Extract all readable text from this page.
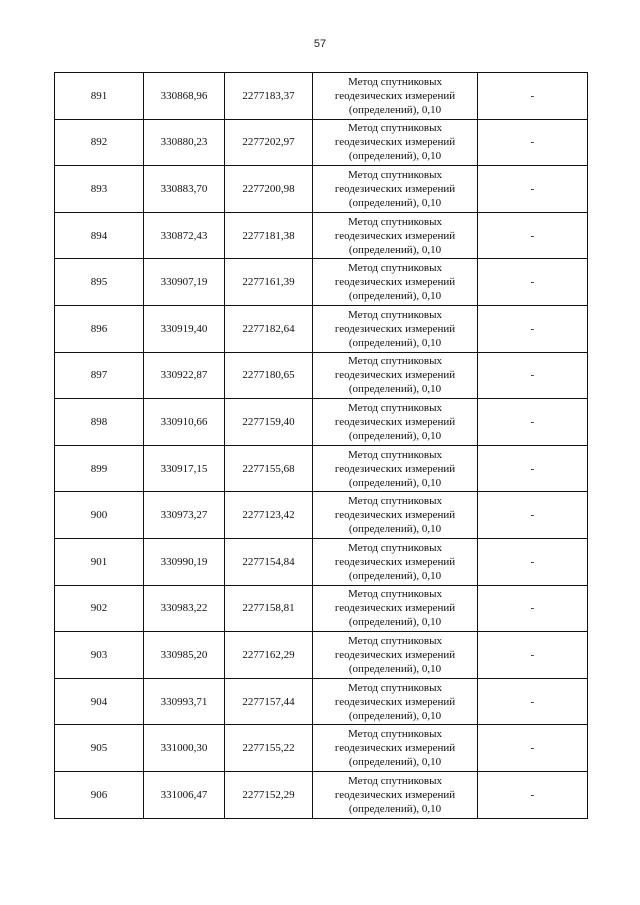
57
891	330868,96	2277183,37	Метод спутниковых
геодезических измерений
(определений), 0,10	-
892	330880,23	2277202,97	Метод спутниковых
геодезических измерений
(определений), 0,10	-
893	330883,70	2277200,98	Метод спутниковых
геодезических измерений
(определений), 0,10	-
894	330872,43	2277181,38	Метод спутниковых
геодезических измерений
(определений), 0,10	-
895	330907,19	2277161,39	Метод спутниковых
геодезических измерений
(определений), 0,10	-
896	330919,40	2277182,64	Метод спутниковых
геодезических измерений
(определений), 0,10	-
897	330922,87	2277180,65	Метод спутниковых
геодезических измерений
(определений), 0,10	-
898	330910,66	2277159,40	Метод спутниковых
геодезических измерений
(определений), 0,10	-
899	330917,15	2277155,68	Метод спутниковых
геодезических измерений
(определений), 0,10	-
900	330973,27	2277123,42	Метод спутниковых
геодезических измерений
(определений), 0,10	-
901	330990,19	2277154,84	Метод спутниковых
геодезических измерений
(определений), 0,10	-
902	330983,22	2277158,81	Метод спутниковых
геодезических измерений
(определений), 0,10	-
903	330985,20	2277162,29	Метод спутниковых
геодезических измерений
(определений), 0,10	-
904	330993,71	2277157,44	Метод спутниковых
геодезических измерений
(определений), 0,10	-
905	331000,30	2277155,22	Метод спутниковых
геодезических измерений
(определений), 0,10	-
906	331006,47	2277152,29	Метод спутниковых
геодезических измерений
(определений), 0,10	-
